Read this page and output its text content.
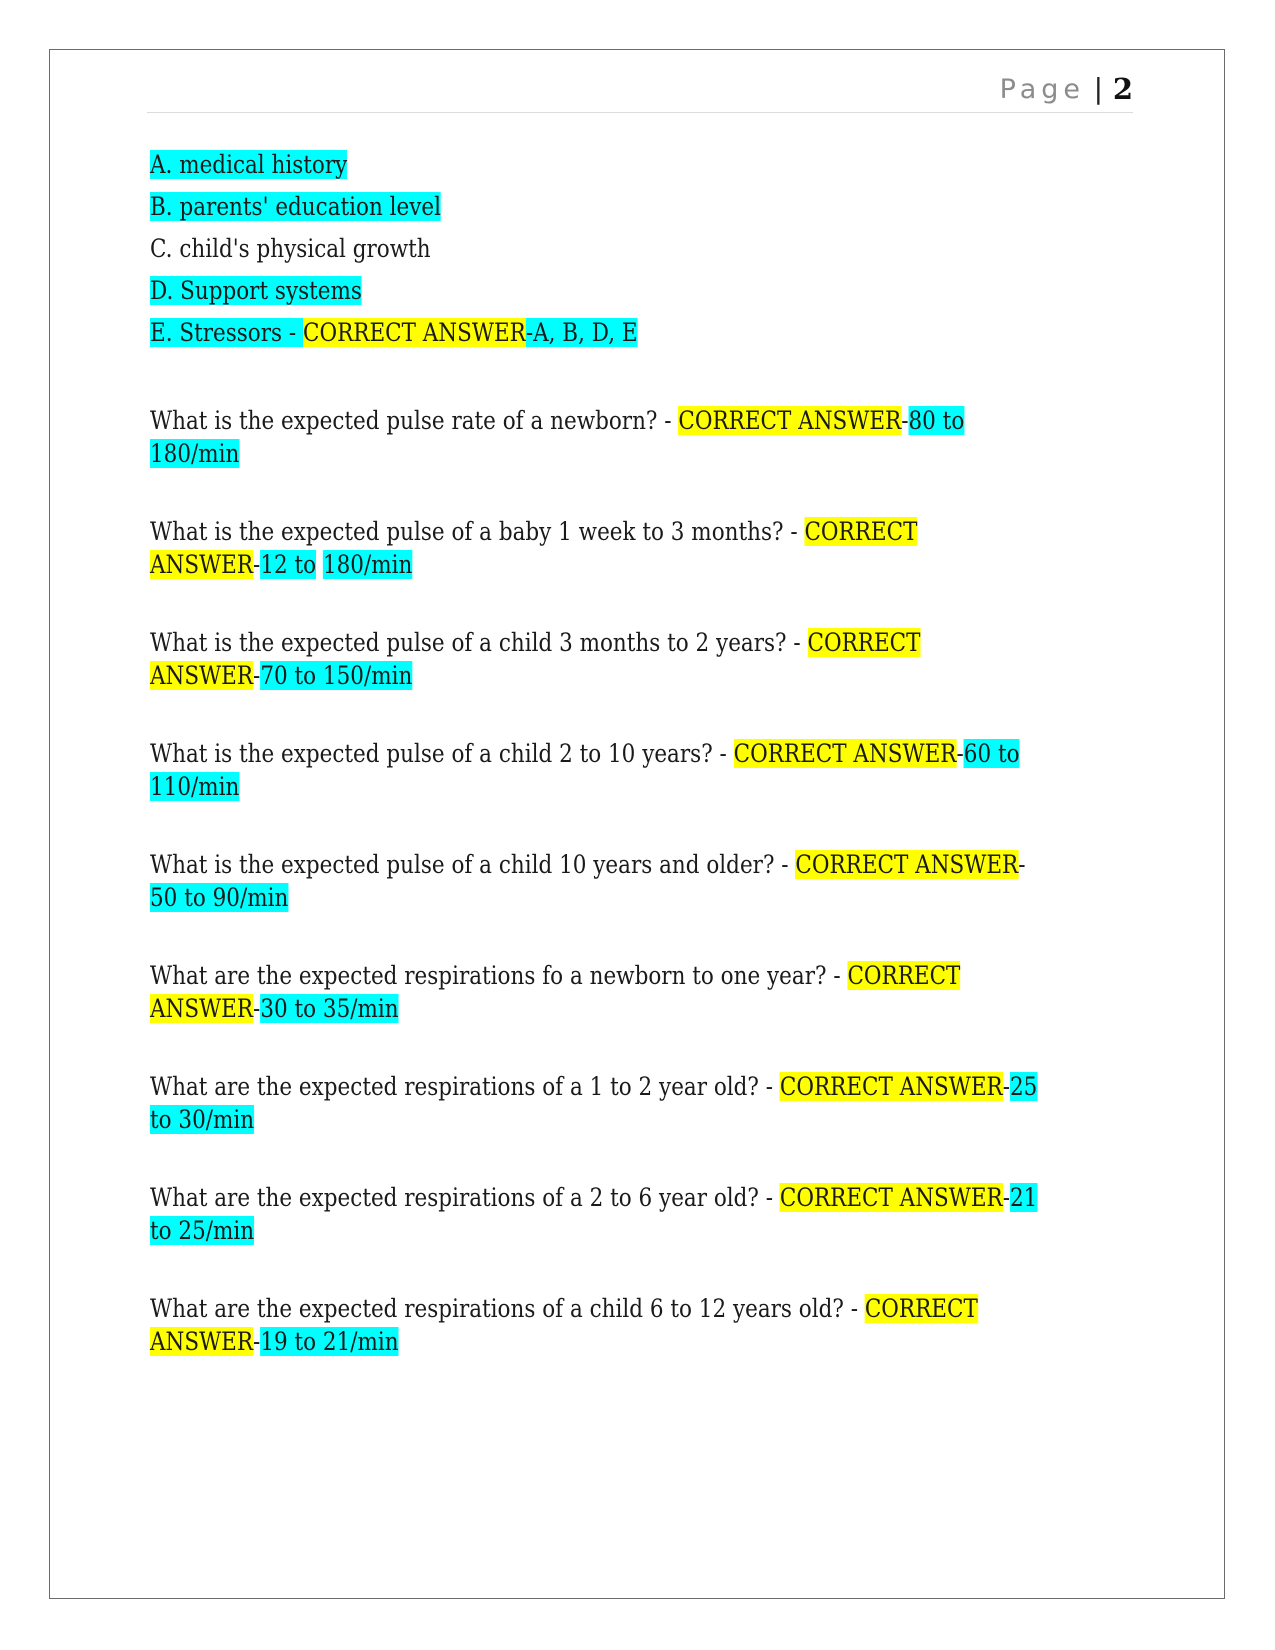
Page | 2
A. medical history
B. parents' education level
C. child's physical growth
D. Support systems
E. Stressors - CORRECT ANSWER-A, B, D, E
What is the expected pulse rate of a newborn? - CORRECT ANSWER-80 to
180/min
What is the expected pulse of a baby 1 week to 3 months? - CORRECT
ANSWER-12 to 180/min
What is the expected pulse of a child 3 months to 2 years? - CORRECT
ANSWER-70 to 150/min
What is the expected pulse of a child 2 to 10 years? - CORRECT ANSWER-60 to
110/min
What is the expected pulse of a child 10 years and older? - CORRECT ANSWER-
50 to 90/min
What are the expected respirations fo a newborn to one year? - CORRECT
ANSWER-30 to 35/min
What are the expected respirations of a 1 to 2 year old? - CORRECT ANSWER-25
to 30/min
What are the expected respirations of a 2 to 6 year old? - CORRECT ANSWER-21
to 25/min
What are the expected respirations of a child 6 to 12 years old? - CORRECT
ANSWER-19 to 21/min
